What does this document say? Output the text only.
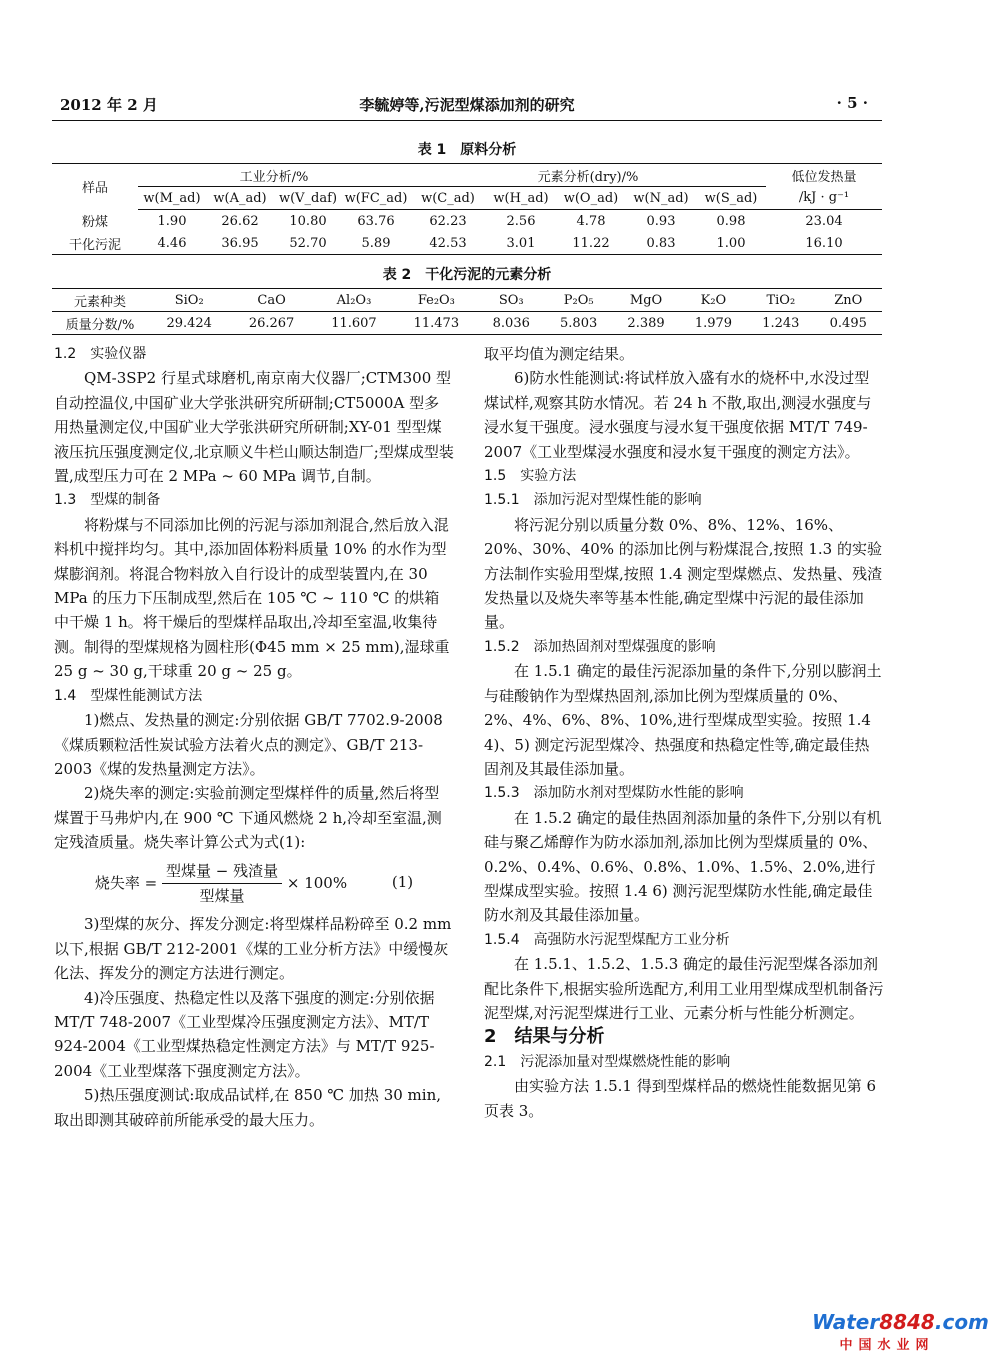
2012 年 2 月	李毓婷等,污泥型煤添加剂的研究	· 5 ·
表 1　原料分析
样品	工业分析/%				元素分析(dry)/%					低位发热量
	w(M_ad)	w(A_ad)	w(V_daf)	w(FC_ad)	w(C_ad)	w(H_ad)	w(O_ad)	w(N_ad)	w(S_ad)	/kJ · g⁻¹
粉煤	1.90	26.62	10.80	63.76	62.23	2.56	4.78	0.93	0.98	23.04
干化污泥	4.46	36.95	52.70	5.89	42.53	3.01	11.22	0.83	1.00	16.10
表 2　干化污泥的元素分析
元素种类	SiO₂	CaO	Al₂O₃	Fe₂O₃	SO₃	P₂O₅	MgO	K₂O	TiO₂	ZnO
质量分数/%	29.424	26.267	11.607	11.473	8.036	5.803	2.389	1.979	1.243	0.495

1.2　实验仪器

QM-3SP2 行星式球磨机,南京南大仪器厂;CTM300 型自动控温仪,中国矿业大学张洪研究所研制;CT5000A 型多用热量测定仪,中国矿业大学张洪研究所研制;XY-01 型型煤液压抗压强度测定仪,北京顺义牛栏山顺达制造厂;型煤成型装置,成型压力可在 2 MPa ~ 60 MPa 调节,自制。

1.3　型煤的制备

将粉煤与不同添加比例的污泥与添加剂混合,然后放入混料机中搅拌均匀。其中,添加固体粉料质量 10% 的水作为型煤膨润剂。将混合物料放入自行设计的成型装置内,在 30 MPa 的压力下压制成型,然后在 105 ℃ ~ 110 ℃ 的烘箱中干燥 1 h。将干燥后的型煤样品取出,冷却至室温,收集待测。制得的型煤规格为圆柱形(Φ45 mm × 25 mm),湿球重 25 g ~ 30 g,干球重 20 g ~ 25 g。

1.4　型煤性能测试方法

1)燃点、发热量的测定:分别依据 GB/T 7702.9-2008《煤质颗粒活性炭试验方法着火点的测定》、GB/T 213-2003《煤的发热量测定方法》。

2)烧失率的测定:实验前测定型煤样件的质量,然后将型煤置于马弗炉内,在 900 ℃ 下通风燃烧 2 h,冷却至室温,测定残渣质量。烧失率计算公式为式(1):

烧失率 = $\frac{\text{型煤量 − 残渣量}}{\text{型煤量}} \times 100\%$	(1)

3)型煤的灰分、挥发分测定:将型煤样品粉碎至 0.2 mm 以下,根据 GB/T 212-2001《煤的工业分析方法》中缓慢灰化法、挥发分的测定方法进行测定。

4)冷压强度、热稳定性以及落下强度的测定:分别依据 MT/T 748-2007《工业型煤冷压强度测定方法》、MT/T 924-2004《工业型煤热稳定性测定方法》与 MT/T 925-2004《工业型煤落下强度测定方法》。

5)热压强度测试:取成品试样,在 850 ℃ 加热 30 min,取出即测其破碎前所能承受的最大压力。

取平均值为测定结果。

6)防水性能测试:将试样放入盛有水的烧杯中,水没过型煤试样,观察其防水情况。若 24 h 不散,取出,测浸水强度与浸水复干强度。浸水强度与浸水复干强度依据 MT/T 749-2007《工业型煤浸水强度和浸水复干强度的测定方法》。

1.5　实验方法

1.5.1　添加污泥对型煤性能的影响

将污泥分别以质量分数 0%、8%、12%、16%、20%、30%、40% 的添加比例与粉煤混合,按照 1.3 的实验方法制作实验用型煤,按照 1.4 测定型煤燃点、发热量、残渣发热量以及烧失率等基本性能,确定型煤中污泥的最佳添加量。

1.5.2　添加热固剂对型煤强度的影响

在 1.5.1 确定的最佳污泥添加量的条件下,分别以膨润土与硅酸钠作为型煤热固剂,添加比例为型煤质量的 0%、2%、4%、6%、8%、10%,进行型煤成型实验。按照 1.4 4)、5) 测定污泥型煤冷、热强度和热稳定性等,确定最佳热固剂及其最佳添加量。

1.5.3　添加防水剂对型煤防水性能的影响

在 1.5.2 确定的最佳热固剂添加量的条件下,分别以有机硅与聚乙烯醇作为防水添加剂,添加比例为型煤质量的 0%、0.2%、0.4%、0.6%、0.8%、1.0%、1.5%、2.0%,进行型煤成型实验。按照 1.4 6) 测污泥型煤防水性能,确定最佳防水剂及其最佳添加量。

1.5.4　高强防水污泥型煤配方工业分析

在 1.5.1、1.5.2、1.5.3 确定的最佳污泥型煤各添加剂配比条件下,根据实验所选配方,利用工业用型煤成型机制备污泥型煤,对污泥型煤进行工业、元素分析与性能分析测定。

2　结果与分析

2.1　污泥添加量对型煤燃烧性能的影响

由实验方法 1.5.1 得到型煤样品的燃烧性能数据见第 6 页表 3。

Water8848.com
中国水业网
